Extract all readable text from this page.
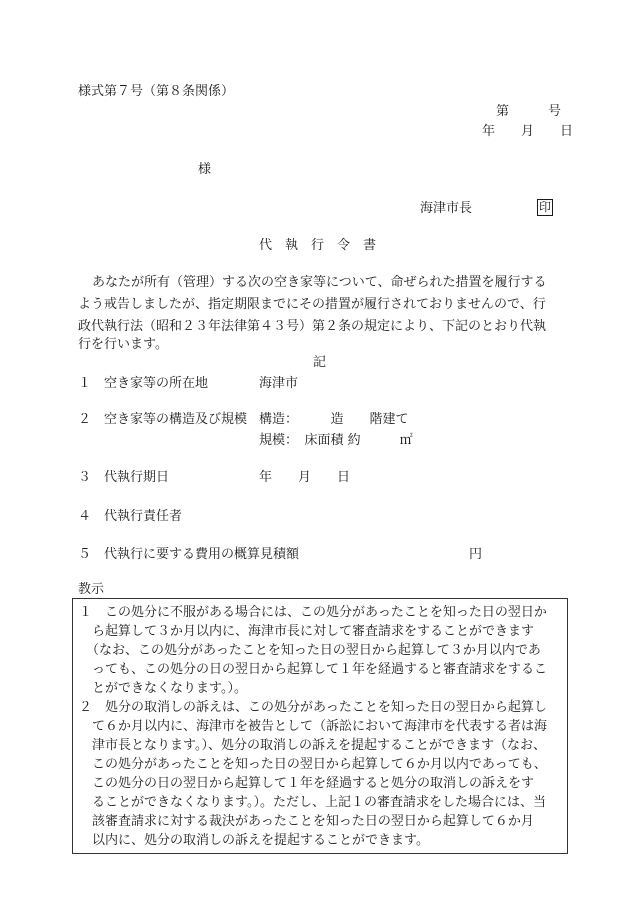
様式第７号（第８条関係）
第　　　号
年　　月　　日
様
海津市長	印
代　執　行　令　書
あなたが所有（管理）する次の空き家等について、命ぜられた措置を履行する
よう戒告しましたが、指定期限までにその措置が履行されておりませんので、行
政代執行法（昭和２３年法律第４３号）第２条の規定により、下記のとおり代執
行を行います。
記
１　空き家等の所在地	海津市
２　空き家等の構造及び規模 構造：　　　造　　階建て
規模：　床面積 約　　　㎡
３　代執行期日	年　　月　　日
４　代執行責任者
５　代執行に要する費用の概算見積額	円
教示
１　この処分に不服がある場合には、この処分があったことを知った日の翌日か
ら起算して３か月以内に、海津市長に対して審査請求をすることができます
（なお、この処分があったことを知った日の翌日から起算して３か月以内であ
っても、この処分の日の翌日から起算して１年を経過すると審査請求をするこ
とができなくなります。）。
２　処分の取消しの訴えは、この処分があったことを知った日の翌日から起算し
て６か月以内に、海津市を被告として（訴訟において海津市を代表する者は海
津市長となります。）、処分の取消しの訴えを提起することができます（なお、
この処分があったことを知った日の翌日から起算して６か月以内であっても、
この処分の日の翌日から起算して１年を経過すると処分の取消しの訴えをす
ることができなくなります。）。ただし、上記１の審査請求をした場合には、当
該審査請求に対する裁決があったことを知った日の翌日から起算して６か月
以内に、処分の取消しの訴えを提起することができます。
